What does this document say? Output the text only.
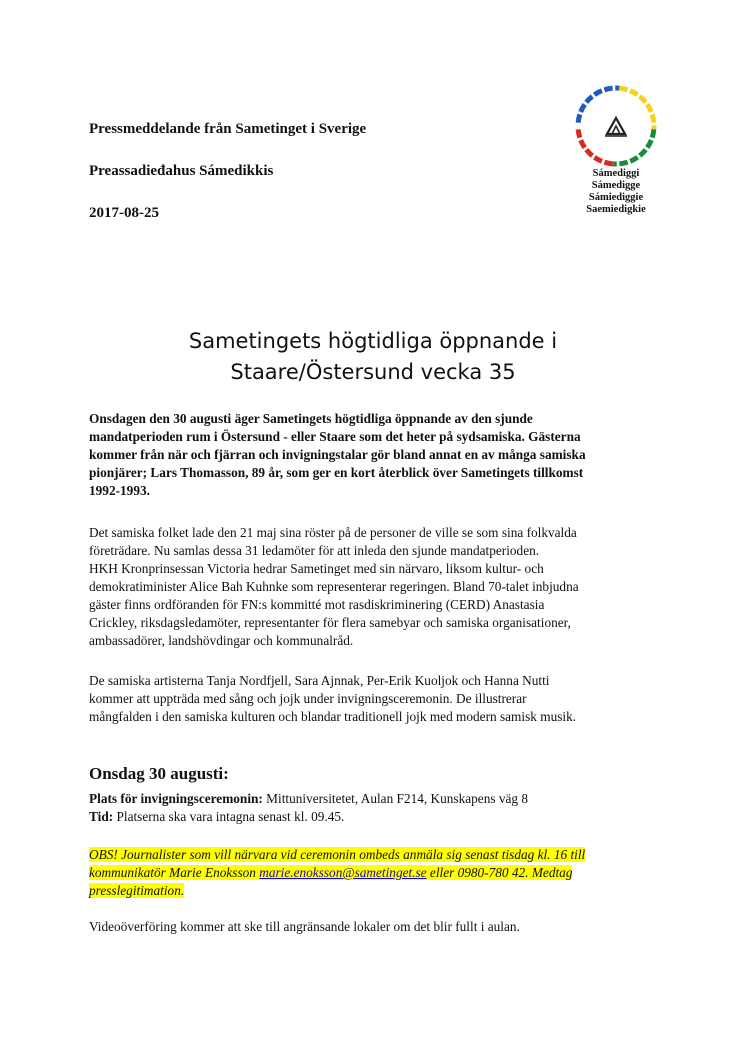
Pressmeddelande från Sametinget i Sverige
Preassadieđahus Sámedikkis
2017-08-25
Sámediggi
Sámedigge
Sámiediggie
Saemiedigkie
Sametingets högtidliga öppnande i
Staare/Östersund vecka 35
Onsdagen den 30 augusti äger Sametingets högtidliga öppnande av den sjunde
mandatperioden rum i Östersund - eller Staare som det heter på sydsamiska. Gästerna
kommer från när och fjärran och invigningstalar gör bland annat en av många samiska
pionjärer; Lars Thomasson, 89 år, som ger en kort återblick över Sametingets tillkomst
1992-1993.
Det samiska folket lade den 21 maj sina röster på de personer de ville se som sina folkvalda
företrädare. Nu samlas dessa 31 ledamöter för att inleda den sjunde mandatperioden.
HKH Kronprinsessan Victoria hedrar Sametinget med sin närvaro, liksom kultur- och
demokratiminister Alice Bah Kuhnke som representerar regeringen. Bland 70-talet inbjudna
gäster finns ordföranden för FN:s kommitté mot rasdiskriminering (CERD) Anastasia
Crickley, riksdagsledamöter, representanter för flera samebyar och samiska organisationer,
ambassadörer, landshövdingar och kommunalråd.
De samiska artisterna Tanja Nordfjell, Sara Ajnnak, Per-Erik Kuoljok och Hanna Nutti
kommer att uppträda med sång och jojk under invigningsceremonin. De illustrerar
mångfalden i den samiska kulturen och blandar traditionell jojk med modern samisk musik.
Onsdag 30 augusti:
Plats för invigningsceremonin: Mittuniversitetet, Aulan F214, Kunskapens väg 8
Tid: Platserna ska vara intagna senast kl. 09.45.
OBS! Journalister som vill närvara vid ceremonin ombeds anmäla sig senast tisdag kl. 16 till
kommunikatör Marie Enoksson marie.enoksson@sametinget.se eller 0980-780 42. Medtag
presslegitimation.
Videoöverföring kommer att ske till angränsande lokaler om det blir fullt i aulan.
